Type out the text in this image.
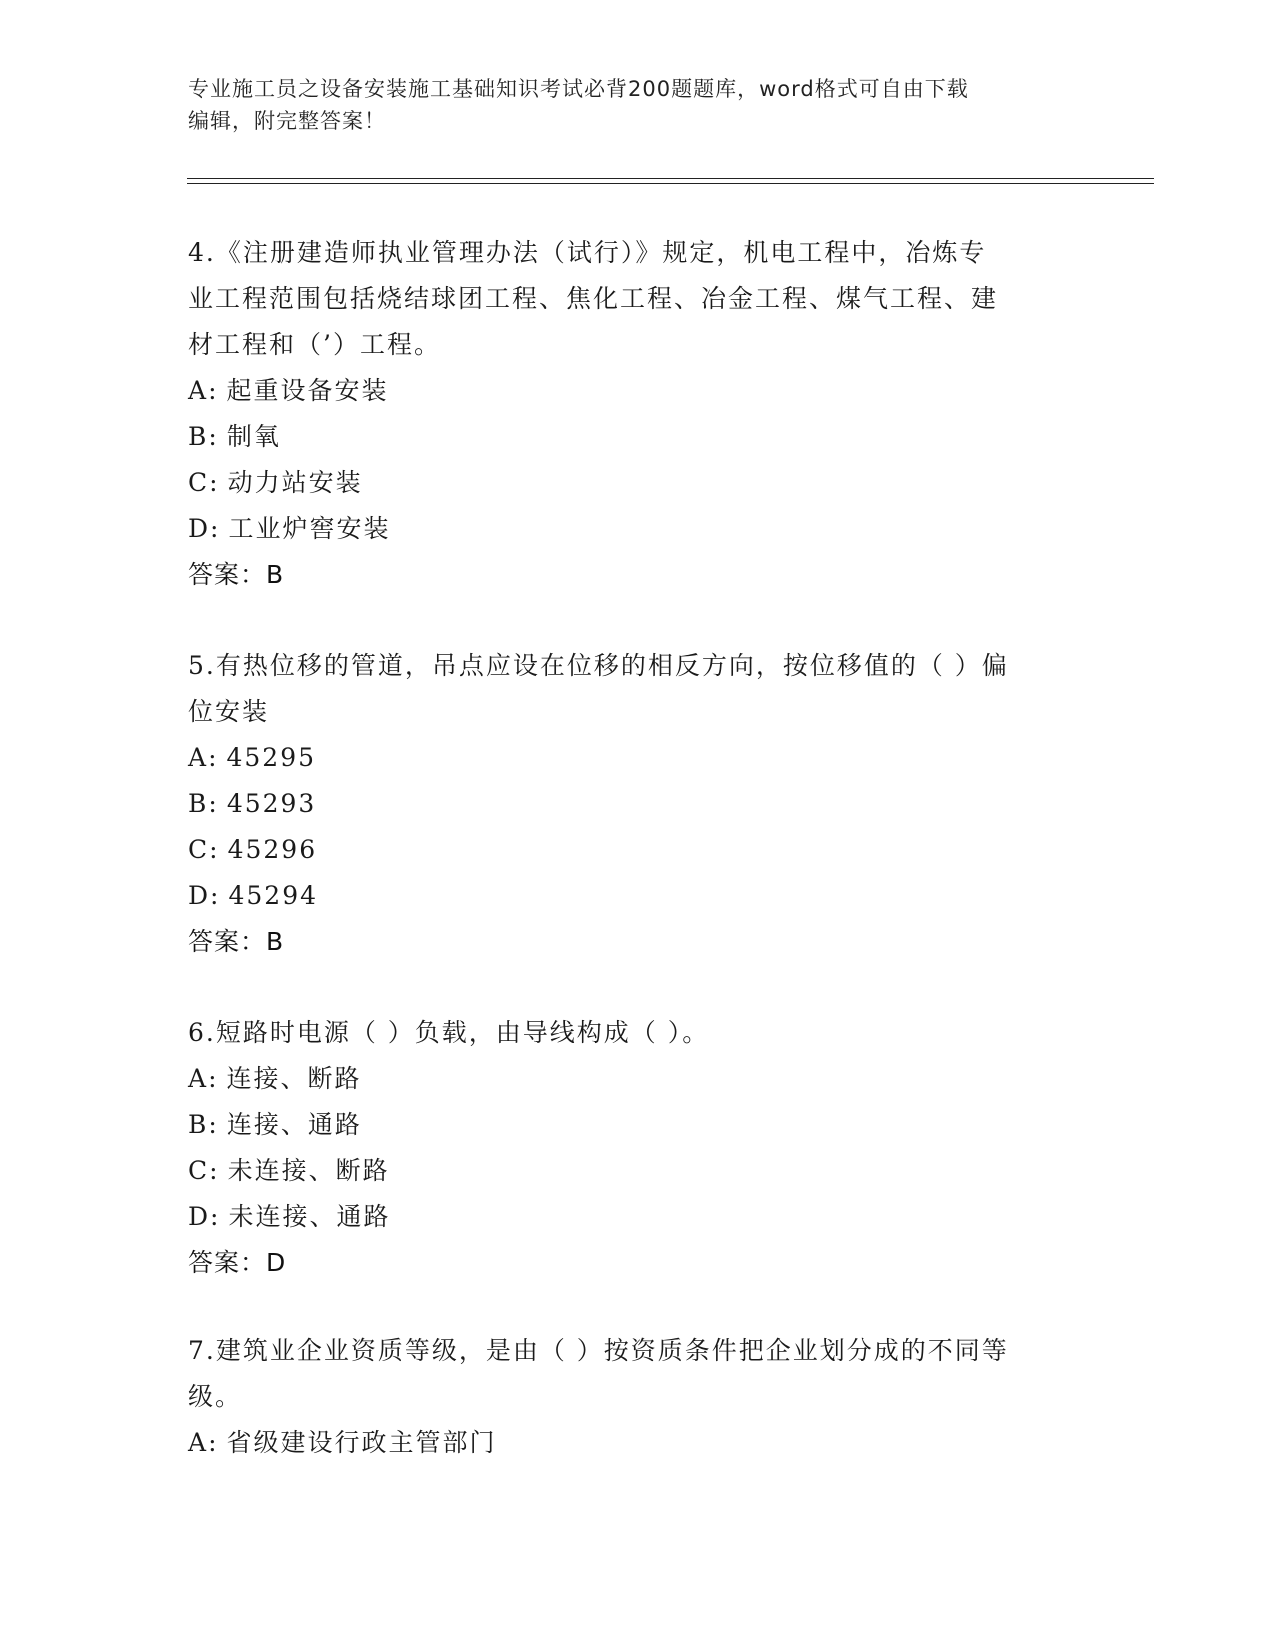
专业施工员之设备安装施工基础知识考试必背200题题库，word格式可自由下载
编辑，附完整答案！

4.《注册建造师执业管理办法（试行）》规定，机电工程中，冶炼专

业工程范围包括烧结球团工程、焦化工程、冶金工程、煤气工程、建

材工程和（’）工程。

A: 起重设备安装

B: 制氧

C: 动力站安装

D: 工业炉窖安装

答案：B

5.有热位移的管道，吊点应设在位移的相反方向，按位移值的（ ）偏

位安装

A: 45295

B: 45293

C: 45296

D: 45294

答案：B

6.短路时电源（ ）负载，由导线构成（ ）。

A: 连接、断路

B: 连接、通路

C: 未连接、断路

D: 未连接、通路

答案：D

7.建筑业企业资质等级，是由（ ）按资质条件把企业划分成的不同等

级。

A: 省级建设行政主管部门
